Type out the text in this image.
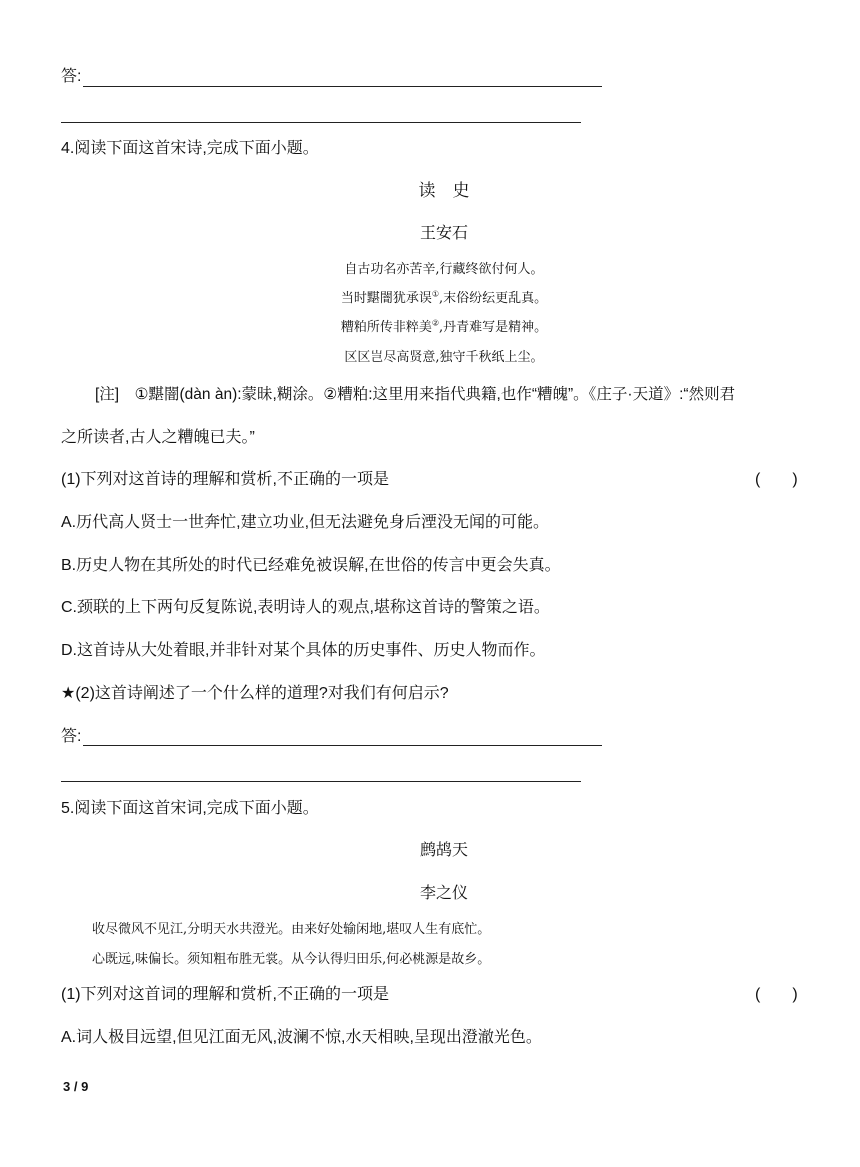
答:
4.阅读下面这首宋诗,完成下面小题。
读　史
王安石
自古功名亦苦辛,行藏终欲付何人。
当时黮闇犹承误①,末俗纷纭更乱真。
糟粕所传非粹美②,丹青难写是精神。
区区岂尽高贤意,独守千秋纸上尘。
[注]　①黮闇(dàn àn):蒙昧,糊涂。②糟粕:这里用来指代典籍,也作“糟魄”。《庄子·天道》:“然则君
之所读者,古人之糟魄已夫。”
(1)下列对这首诗的理解和赏析,不正确的一项是	(　　)
A.历代高人贤士一世奔忙,建立功业,但无法避免身后湮没无闻的可能。
B.历史人物在其所处的时代已经难免被误解,在世俗的传言中更会失真。
C.颈联的上下两句反复陈说,表明诗人的观点,堪称这首诗的警策之语。
D.这首诗从大处着眼,并非针对某个具体的历史事件、历史人物而作。
★(2)这首诗阐述了一个什么样的道理?对我们有何启示?
答:
5.阅读下面这首宋词,完成下面小题。
鹧鸪天
李之仪
收尽微风不见江,分明天水共澄光。由来好处输闲地,堪叹人生有底忙。
心既远,味偏长。须知粗布胜无裳。从今认得归田乐,何必桃源是故乡。
(1)下列对这首词的理解和赏析,不正确的一项是	(　　)
A.词人极目远望,但见江面无风,波澜不惊,水天相映,呈现出澄澈光色。
3 / 9
